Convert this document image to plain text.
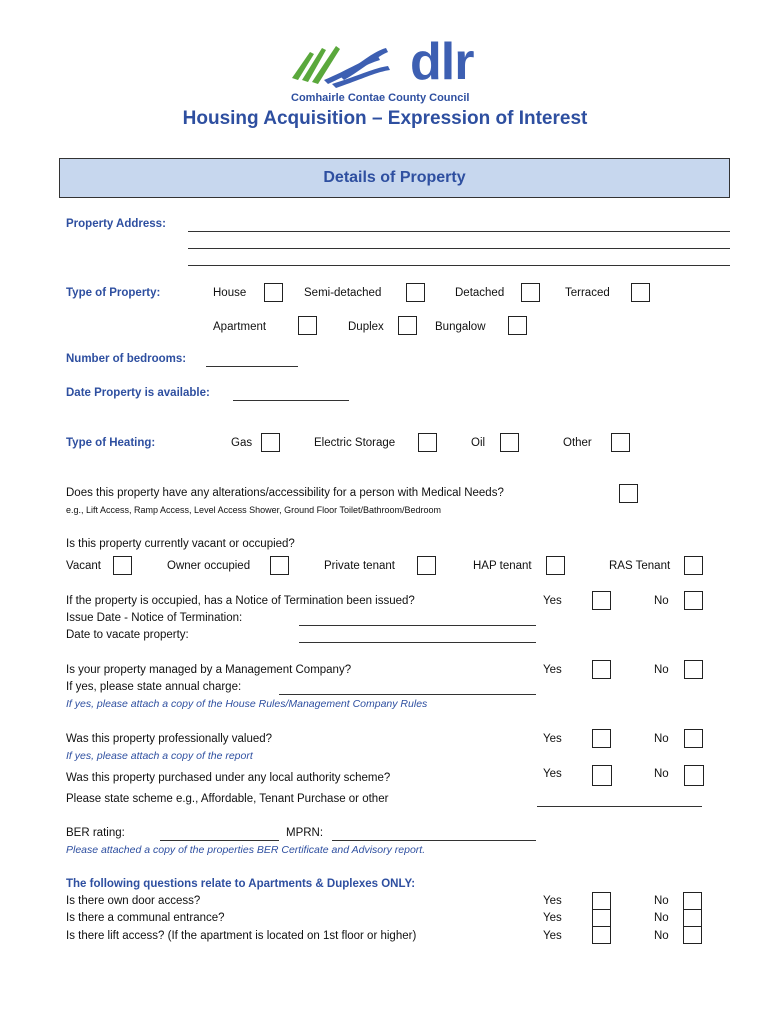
dlr
Comhairle Contae County Council
Housing Acquisition – Expression of Interest
Details of Property
Property Address:
Type of Property:	House	Semi-detached	Detached	Terraced
Apartment	Duplex	Bungalow
Number of bedrooms:
Date Property is available:
Type of Heating:	Gas	Electric Storage	Oil	Other
Does this property have any alterations/accessibility for a person with Medical Needs?
e.g., Lift Access, Ramp Access, Level Access Shower, Ground Floor Toilet/Bathroom/Bedroom
Is this property currently vacant or occupied?
Vacant	Owner occupied	Private tenant	HAP tenant	RAS Tenant
If the property is occupied, has a Notice of Termination been issued?	Yes	No
Issue Date - Notice of Termination:
Date to vacate property:
Is your property managed by a Management Company?	Yes	No
If yes, please state annual charge:
If yes, please attach a copy of the House Rules/Management Company Rules
Was this property professionally valued?	Yes	No
If yes, please attach a copy of the report
Was this property purchased under any local authority scheme?	Yes	No
Please state scheme e.g., Affordable, Tenant Purchase or other
BER rating:	MPRN:
Please attached a copy of the properties BER Certificate and Advisory report.
The following questions relate to Apartments & Duplexes ONLY:
Is there own door access?	Yes	No
Is there a communal entrance?	Yes	No
Is there lift access? (If the apartment is located on 1st floor or higher)	Yes	No
